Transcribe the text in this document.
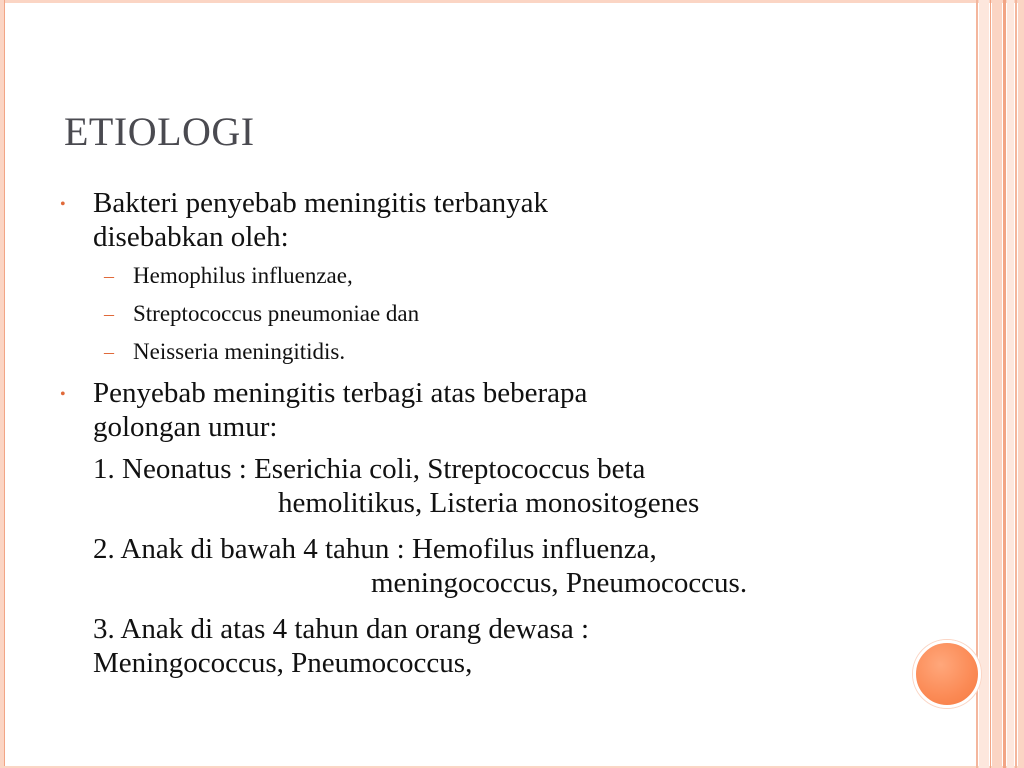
ETIOLOGI
• Bakteri penyebab meningitis terbanyak
disebabkan oleh:
– Hemophilus influenzae,
– Streptococcus pneumoniae dan
– Neisseria meningitidis.
• Penyebab meningitis terbagi atas beberapa
golongan umur:
1. Neonatus : Eserichia coli, Streptococcus beta
hemolitikus, Listeria monositogenes
2. Anak di bawah 4 tahun : Hemofilus influenza,
meningococcus, Pneumococcus.
3. Anak di atas 4 tahun dan orang dewasa :
Meningococcus, Pneumococcus,
